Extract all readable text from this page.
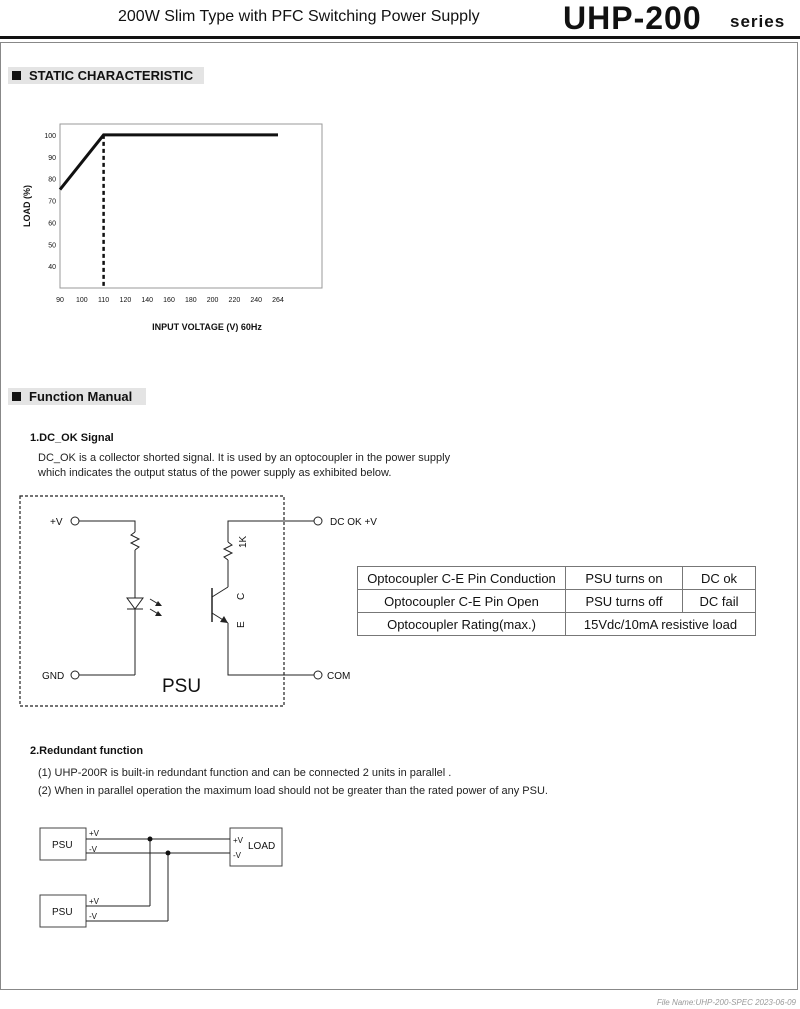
200W Slim Type with PFC Switching Power Supply	UHP-200 series
STATIC CHARACTERISTIC
90 100 110 120 140 160 180 200 220 240 264
100
90
80
70
60
50
40
LOAD (%)
INPUT VOLTAGE (V) 60Hz
Function Manual
1.DC_OK Signal
DC_OK is a collector shorted signal. It is used by an optocoupler in the power supply
which indicates the output status of the power supply as exhibited below.
+V
GND
DC OK +V
1K
C
E
COM
PSU
Optocoupler C-E Pin Conduction	PSU turns on	DC ok
Optocoupler C-E Pin Open	PSU turns off	DC fail
Optocoupler Rating(max.)	15Vdc/10mA resistive load	
2.Redundant function
(1) UHP-200R is built-in redundant function and can be connected 2 units in parallel .
(2) When in parallel operation the maximum load should not be greater than the rated power of any PSU.
PSU
+V
-V
PSU
+V
-V
+V
-V
LOAD
File Name:UHP-200-SPEC 2023-06-09
